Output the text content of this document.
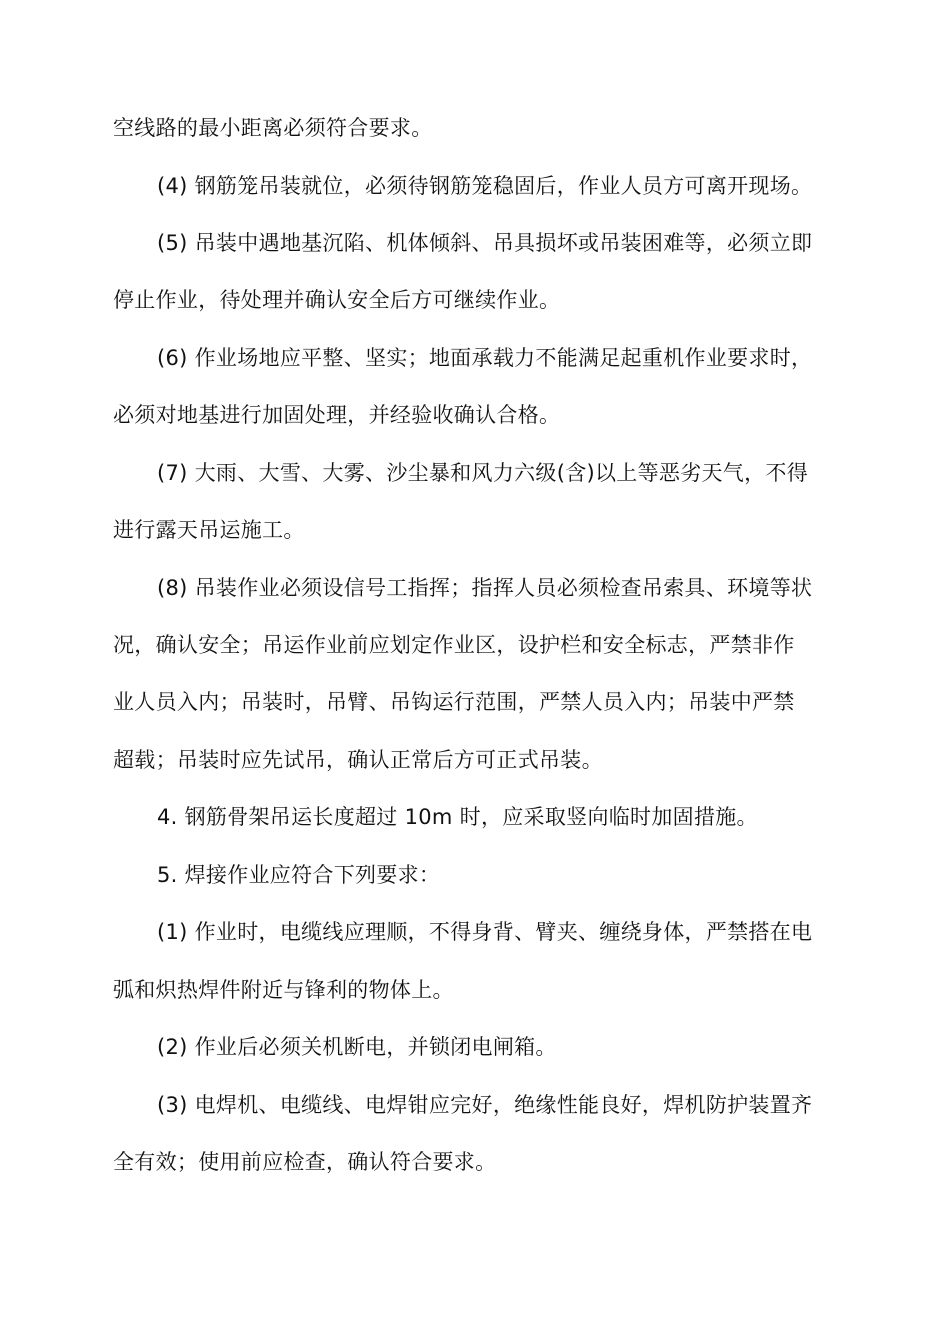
空线路的最小距离必须符合要求。
(4) 钢筋笼吊装就位，必须待钢筋笼稳固后，作业人员方可离开现场。
(5) 吊装中遇地基沉陷、机体倾斜、吊具损坏或吊装困难等，必须立即
停止作业，待处理并确认安全后方可继续作业。
(6) 作业场地应平整、坚实；地面承载力不能满足起重机作业要求时，
必须对地基进行加固处理，并经验收确认合格。
(7) 大雨、大雪、大雾、沙尘暴和风力六级(含)以上等恶劣天气，不得
进行露天吊运施工。
(8) 吊装作业必须设信号工指挥；指挥人员必须检查吊索具、环境等状
况，确认安全；吊运作业前应划定作业区，设护栏和安全标志，严禁非作
业人员入内；吊装时，吊臂、吊钩运行范围，严禁人员入内；吊装中严禁
超载；吊装时应先试吊，确认正常后方可正式吊装。
4. 钢筋骨架吊运长度超过 10m 时，应采取竖向临时加固措施。
5. 焊接作业应符合下列要求：
(1) 作业时，电缆线应理顺，不得身背、臂夹、缠绕身体，严禁搭在电
弧和炽热焊件附近与锋利的物体上。
(2) 作业后必须关机断电，并锁闭电闸箱。
(3) 电焊机、电缆线、电焊钳应完好，绝缘性能良好，焊机防护装置齐
全有效；使用前应检查，确认符合要求。
